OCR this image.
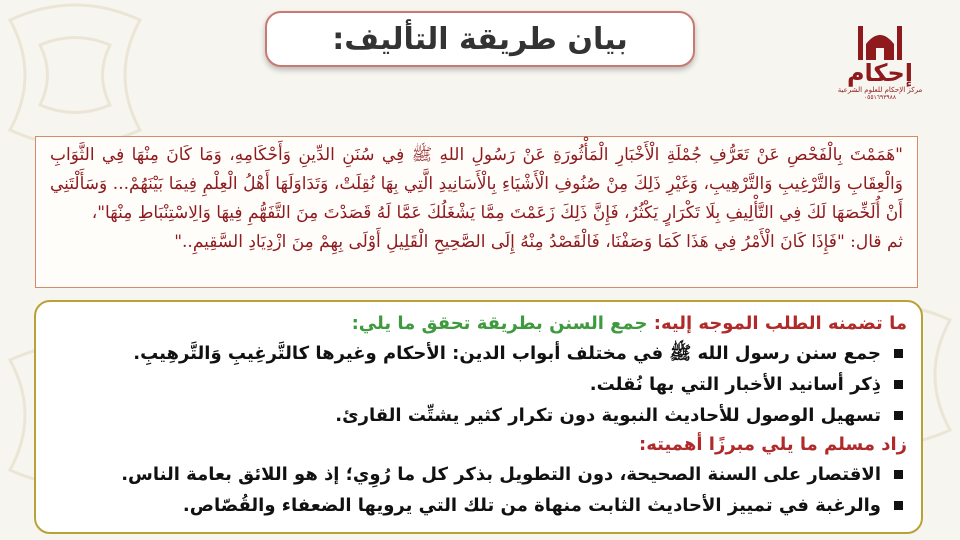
بيان طريقة التأليف:
إحكام
مركز الإحكام للعلوم الشرعية
٠٥٥١٦٩٣٩٨٨

"هَمَمْتَ بِالْفَحْصِ عَنْ تَعَرُّفِ جُمْلَةِ الْأَخْبَارِ الْمَأْثُورَةِ عَنْ رَسُولِ اللهِ ﷺ فِي سُنَنِ الدِّينِ وَأَحْكَامِهِ، وَمَا كَانَ مِنْهَا فِي الثَّوَابِ وَالْعِقَابِ وَالتَّرْغِيبِ وَالتَّرْهِيبِ، وَغَيْرِ ذَلِكَ مِنْ صُنُوفِ الْأَشْيَاءِ بِالْأَسَانِيدِ الَّتِي بِهَا نُقِلَتْ، وَتَدَاوَلَهَا أَهْلُ الْعِلْمِ فِيمَا بَيْنَهُمْ... وَسَأَلْتَنِي أَنْ أُلَخِّصَهَا لَكَ فِي التَّأْلِيفِ بِلَا تَكْرَارٍ يَكْثُرُ، فَإِنَّ ذَلِكَ زَعَمْتَ مِمَّا يَشْغَلُكَ عَمَّا لَهُ قَصَدْتَ مِنَ التَّفَهُّمِ فِيهَا وَالِاسْتِنْبَاطِ مِنْهَا"،

ثم قال: "فَإِذَا كَانَ الْأَمْرُ فِي هَذَا كَمَا وَصَفْنَا، فَالْقَصْدُ مِنْهُ إِلَى الصَّحِيحِ الْقَلِيلِ أَوْلَى بِهِمْ مِنَ ازْدِيَادِ السَّقِيمِ.."

ما تضمنه الطلب الموجه إليه: جمع السنن بطريقة تحقق ما يلي:

جمع سنن رسول الله ﷺ في مختلف أبواب الدين: الأحكام وغيرها كالتَّرغِيبِ وَالتَّرهِيبِ.
ذِكر أسانيد الأخبار التي بها نُقلت.
تسهيل الوصول للأحاديث النبوية دون تكرار كثير يشتِّت القارئ.

زاد مسلم ما يلي مبرزًا أهميته:

الاقتصار على السنة الصحيحة، دون التطويل بذكر كل ما رُوِي؛ إذ هو اللائق بعامة الناس.
والرغبة في تمييز الأحاديث الثابت منهاة من تلك التي يرويها الضعفاء والقُصّاص.
